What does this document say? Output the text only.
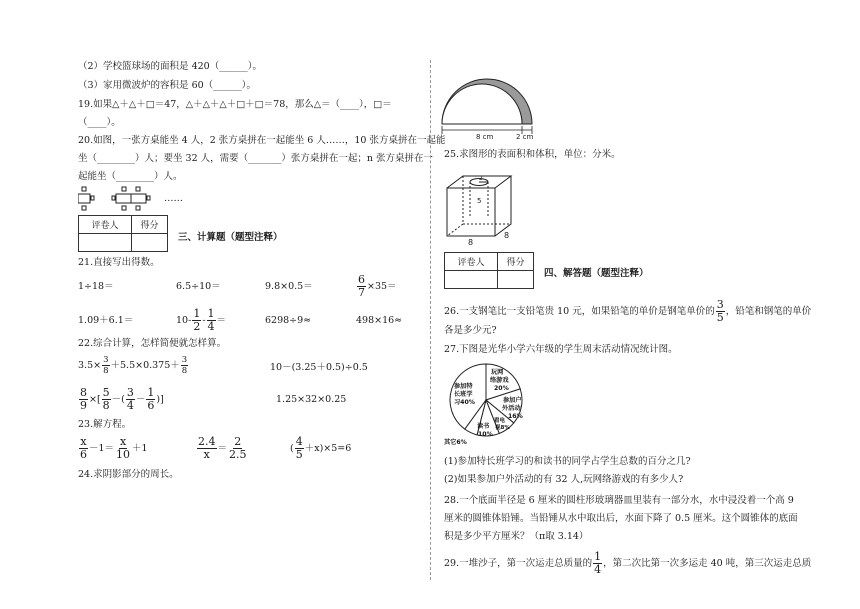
（2）学校篮球场的面积是 420（______）。
（3）家用微波炉的容积是 60（______）。
19.如果△＋△＋□＝47，△＋△＋△＋□＋□＝78，那么△＝（____），□＝
（____）。
20.如图，一张方桌能坐 4 人，2 张方桌拼在一起能坐 6 人……，10 张方桌拼在一起能
坐（________）人；要坐 32 人，需要（_______）张方桌拼在一起；n 张方桌拼在一
起能坐（________）人。
……
评卷人	得分

三、计算题（题型注释）
21.直接写出得数。
1÷18＝	6.5÷10＝	9.8×0.5＝	$\frac{6}{7} \times 35=$
1.09＋6.1＝	$10- \frac{1}{2} - \frac{1}{4}$ ＝	6298÷9≈	498×16≈
22.综合计算，怎样简便就怎样算。
$3.5\times \frac{3}{8} +5.5\times 0.375+ \frac{3}{8}$	10－(3.25＋0.5)÷0.5
$\frac{8}{9}$ ×[ $\frac{5}{8}$ －( $\frac{3}{4} - \frac{1}{6}$ )]	1.25×32×0.25
23.解方程。
$\frac{x}{6} -1= \frac{x}{10} +1$	$\frac{2.4}{x} = \frac{2}{2.5}$	( $\frac{4}{5} +x)\times 5=6$
24.求阴影部分的周长。
8 cm	2 cm
25.求图形的表面积和体积，单位：分米。
2
5
8
8
评卷人	得分

四、解答题（题型注释）
26.一支钢笔比一支铅笔贵 10 元，如果铅笔的单价是钢笔单价的 $\frac{3}{5}$ ，铅笔和钢笔的单价
各是多少元?
27.下图是光华小学六年级的学生周末活动情况统计图。
参加特
长班学
习40%
玩网
络游戏
20%
参加户
外活动
16%
读书
10%
看电
视8%
其它6%
(1)参加特长班学习的和读书的同学占学生总数的百分之几?
(2)如果参加户外活动的有 32 人,玩网络游戏的有多少人?
28.一个底面半径是 6 厘米的圆柱形玻璃器皿里装有一部分水，水中浸没着一个高 9
厘米的圆锥体铅锤。当铅锤从水中取出后，水面下降了 0.5 厘米。这个圆锥体的底面
积是多少平方厘米？（π取 3.14）
29.一堆沙子，第一次运走总质量的 $\frac{1}{4}$ ，第二次比第一次多运走 40 吨，第三次运走总质
